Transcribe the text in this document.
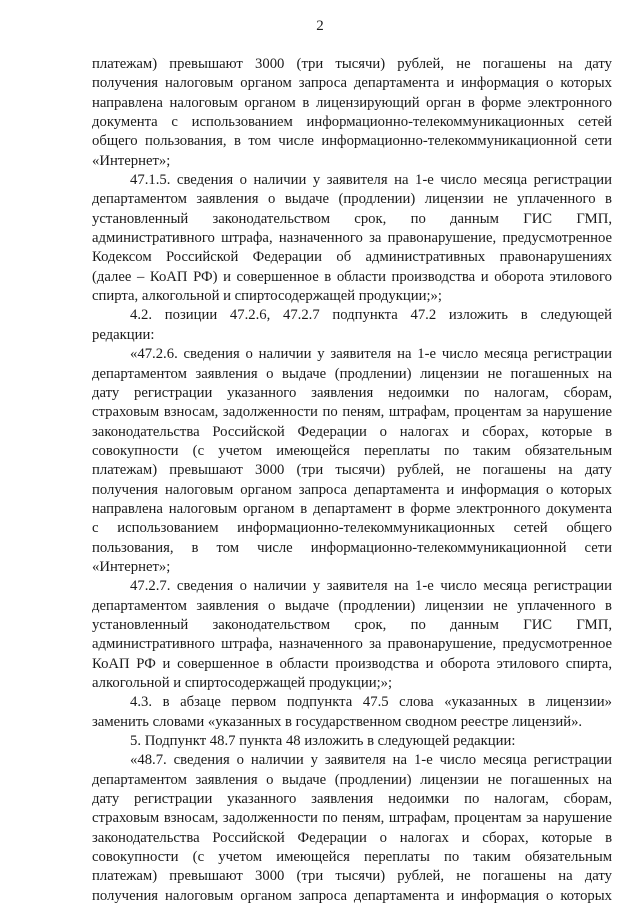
2
платежам) превышают 3000 (три тысячи) рублей, не погашены на дату
получения налоговым органом запроса департамента и информация о которых
направлена налоговым органом в лицензирующий орган в форме электронного
документа с использованием информационно-телекоммуникационных сетей
общего пользования, в том числе информационно-телекоммуникационной сети
«Интернет»;
47.1.5. сведения о наличии у заявителя на 1-е число месяца регистрации
департаментом заявления о выдаче (продлении) лицензии не уплаченного в
установленный законодательством срок, по данным ГИС ГМП,
административного штрафа, назначенного за правонарушение, предусмотренное
Кодексом Российской Федерации об административных правонарушениях
(далее – КоАП РФ) и совершенное в области производства и оборота этилового
спирта, алкогольной и спиртосодержащей продукции;»;
4.2. позиции 47.2.6, 47.2.7 подпункта 47.2 изложить в следующей
редакции:
«47.2.6. сведения о наличии у заявителя на 1-е число месяца регистрации
департаментом заявления о выдаче (продлении) лицензии не погашенных на
дату регистрации указанного заявления недоимки по налогам, сборам,
страховым взносам, задолженности по пеням, штрафам, процентам за нарушение
законодательства Российской Федерации о налогах и сборах, которые в
совокупности (с учетом имеющейся переплаты по таким обязательным
платежам) превышают 3000 (три тысячи) рублей, не погашены на дату
получения налоговым органом запроса департамента и информация о которых
направлена налоговым органом в департамент в форме электронного документа
с использованием информационно-телекоммуникационных сетей общего
пользования, в том числе информационно-телекоммуникационной сети
«Интернет»;
47.2.7. сведения о наличии у заявителя на 1-е число месяца регистрации
департаментом заявления о выдаче (продлении) лицензии не уплаченного в
установленный законодательством срок, по данным ГИС ГМП,
административного штрафа, назначенного за правонарушение, предусмотренное
КоАП РФ и совершенное в области производства и оборота этилового спирта,
алкогольной и спиртосодержащей продукции;»;
4.3. в абзаце первом подпункта 47.5 слова «указанных в лицензии»
заменить словами «указанных в государственном сводном реестре лицензий».
5. Подпункт 48.7 пункта 48 изложить в следующей редакции:
«48.7. сведения о наличии у заявителя на 1-е число месяца регистрации
департаментом заявления о выдаче (продлении) лицензии не погашенных на
дату регистрации указанного заявления недоимки по налогам, сборам,
страховым взносам, задолженности по пеням, штрафам, процентам за нарушение
законодательства Российской Федерации о налогах и сборах, которые в
совокупности (с учетом имеющейся переплаты по таким обязательным
платежам) превышают 3000 (три тысячи) рублей, не погашены на дату
получения налоговым органом запроса департамента и информация о которых
